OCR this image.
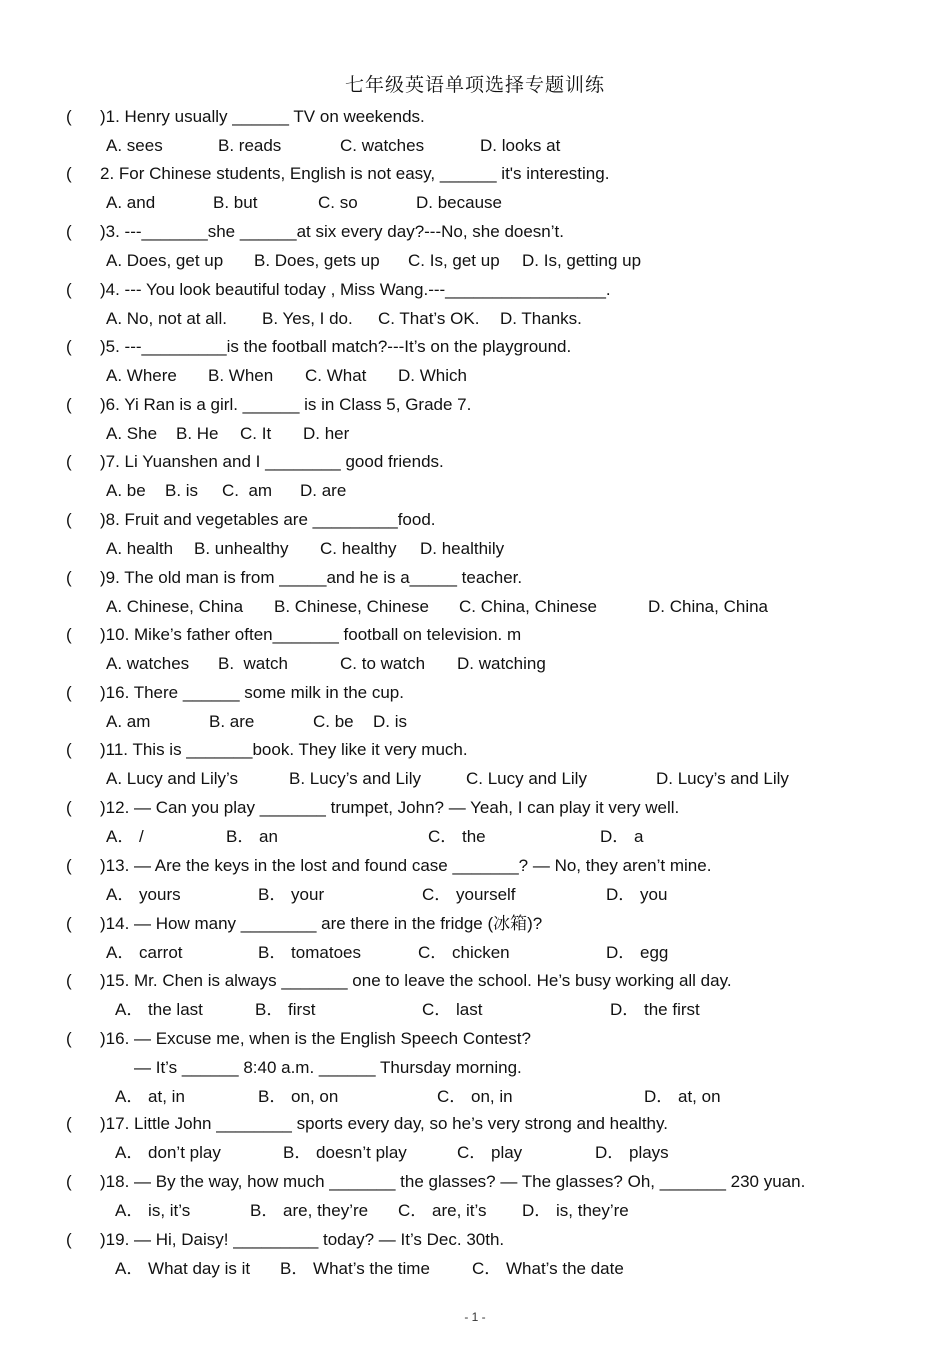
七年级英语单项选择专题训练
( )1. Henry usually ______ TV on weekends.
A. sees	B. reads	C. watches	D. looks at
( 2. For Chinese students, English is not easy, ______ it's interesting.
A. and	B. but	C. so	D. because
( )3. ---_______she ______at six every day?---No, she doesn’t.
A. Does, get up B. Does, gets up C. Is, get up D. Is, getting up
( )4. --- You look beautiful today , Miss Wang.---_________________.
A. No, not at all. B. Yes, I do. C. That’s OK. D. Thanks.
( )5. ---_________is the football match?---It’s on the playground.
A. Where B. When C. What D. Which
( )6. Yi Ran is a girl. ______ is in Class 5, Grade 7.
A. She B. He C. It D. her
( )7. Li Yuanshen and I ________ good friends.
A. be B. is C.  am D. are
( )8. Fruit and vegetables are _________food.
A. health B. unhealthy C. healthy D. healthily
( )9. The old man is from _____and he is a_____ teacher.
A. Chinese, China B. Chinese, Chinese C. China, Chinese	D. China, China
( )10. Mike’s father often_______ football on television. m
A. watches B.  watch	C. to watch D. watching
( )16. There ______ some milk in the cup.
A. am	B. are	C. be D. is
( )11. This is _______book. They like it very much.
A. Lucy and Lily’s	B. Lucy’s and Lily	C. Lucy and Lily	D. Lucy’s and Lily
( )12. — Can you play _______ trumpet, John? — Yeah, I can play it very well.
A． /	B． an	C． the	D． a
( )13. — Are the keys in the lost and found case _______? — No, they aren’t mine.
A． yours	B． your	C． yourself	D． you
( )14. — How many ________ are there in the fridge (冰箱)?
A． carrot	B． tomatoes	C． chicken	D． egg
( )15. Mr. Chen is always _______ one to leave the school. He’s busy working all day.
A． the last	B． first	C． last	D． the first
( )16. — Excuse me, when is the English Speech Contest?
— It’s ______ 8:40 a.m. ______ Thursday morning.
A． at, in	B． on, on	C． on, in	D． at, on
( )17. Little John ________ sports every day, so he’s very strong and healthy.
A． don’t play	B． doesn’t play	C． play	D． plays
( )18. — By the way, how much _______ the glasses? — The glasses? Oh, _______ 230 yuan.
A． is, it’s	B． are, they’re C． are, it’s D． is, they’re
( )19. — Hi, Daisy! _________ today? — It’s Dec. 30th.
A． What day is it B． What’s the time C． What’s the date
- 1 -
